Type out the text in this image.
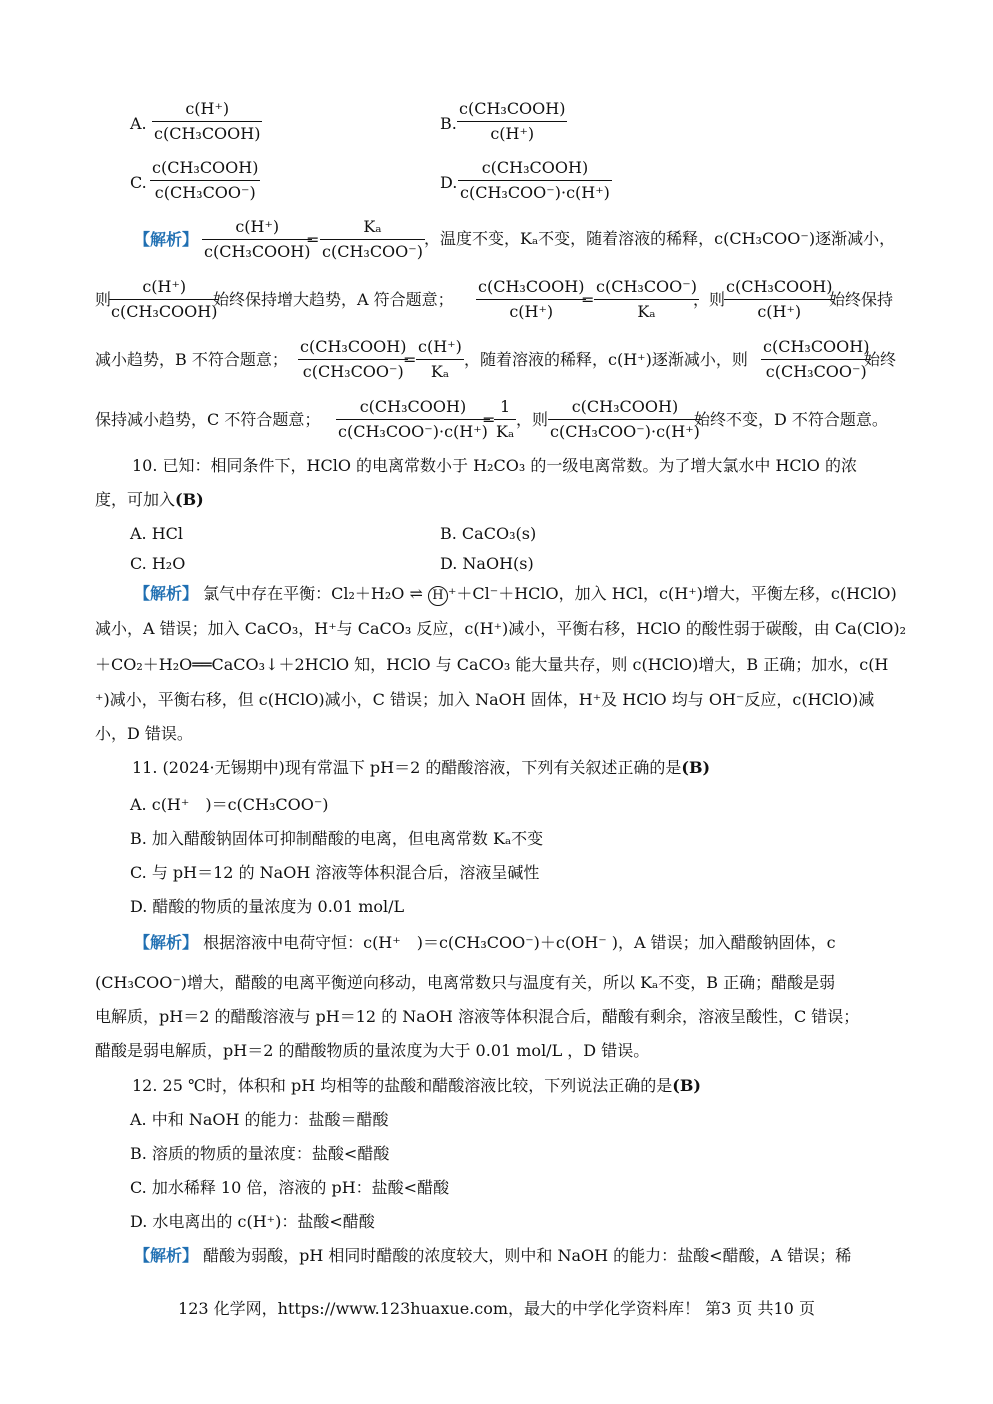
A.
c(H⁺)
c(CH₃COOH)
B.
c(CH₃COOH)
c(H⁺)
C.
c(CH₃COOH)
c(CH₃COO⁻)
D.
c(CH₃COOH)
c(CH₃COO⁻)·c(H⁺)
【解析】
c(H⁺)
c(CH₃COOH)
=
Kₐ
c(CH₃COO⁻)
，温度不变，Kₐ不变，随着溶液的稀释，c(CH₃COO⁻)逐渐减小，
则
c(H⁺)
c(CH₃COOH)
始终保持增大趋势，A 符合题意；
c(CH₃COOH)
c(H⁺)
=
c(CH₃COO⁻)
Kₐ
，则
c(CH₃COOH)
c(H⁺)
始终保持
减小趋势，B 不符合题意；
c(CH₃COOH)
c(CH₃COO⁻)
= $\frac{c(H^+)}{\text{Kₐ}}$ ，随着溶液的稀释，c(H⁺)逐渐减小，则
c(CH₃COOH)
c(CH₃COO⁻)
始终
保持减小趋势，C 不符合题意；
c(CH₃COOH)
c(CH₃COO⁻)·c(H⁺)
=
$\frac{1}{\text{Kₐ}}$ ，则
c(CH₃COOH)
c(CH₃COO⁻)·c(H⁺)
始终不变，D 不符合题意。
10. 已知：相同条件下，HClO 的电离常数小于 H₂CO₃ 的一级电离常数。为了增大氯水中 HClO 的浓
度，可加入(B)
A. HCl	B. CaCO₃(s)
C. H₂O	D. NaOH(s)
【解析】 氯气中存在平衡：Cl₂＋H₂O ⇌ H ⁺＋Cl⁻＋HClO，加入 HCl，c(H⁺)增大，平衡左移，c(HClO)
减小，A 错误；加入 CaCO₃，H⁺与 CaCO₃ 反应，c(H⁺)减小，平衡右移，HClO 的酸性弱于碳酸，由 Ca(ClO)₂
＋CO₂＋H₂O══CaCO₃↓＋2HClO 知，HClO 与 CaCO₃ 能大量共存，则 c(HClO)增大，B 正确；加水，c(H
⁺)减小，平衡右移，但 c(HClO)减小，C 错误；加入 NaOH 固体，H⁺及 HClO 均与 OH⁻反应，c(HClO)减
小，D 错误。
11. (2024·无锡期中)现有常温下 pH＝2 的醋酸溶液，下列有关叙述正确的是(B)
A. c(H⁺　)＝c(CH₃COO⁻)
B. 加入醋酸钠固体可抑制醋酸的电离，但电离常数 Kₐ不变
C. 与 pH＝12 的 NaOH 溶液等体积混合后，溶液呈碱性
D. 醋酸的物质的量浓度为 0.01 mol/L
【解析】 根据溶液中电荷守恒：c(H⁺　)＝c(CH₃COO⁻)＋c(OH⁻ )，A 错误；加入醋酸钠固体，c
(CH₃COO⁻)增大，醋酸的电离平衡逆向移动，电离常数只与温度有关，所以 Kₐ不变，B 正确；醋酸是弱
电解质，pH＝2 的醋酸溶液与 pH＝12 的 NaOH 溶液等体积混合后，醋酸有剩余，溶液呈酸性，C 错误；
醋酸是弱电解质，pH＝2 的醋酸物质的量浓度为大于 0.01 mol/L ，D 错误。
12. 25 ℃时，体积和 pH 均相等的盐酸和醋酸溶液比较，下列说法正确的是(B)
A. 中和 NaOH 的能力：盐酸＝醋酸
B. 溶质的物质的量浓度：盐酸<醋酸
C. 加水稀释 10 倍，溶液的 pH：盐酸<醋酸
D. 水电离出的 c(H⁺)：盐酸<醋酸
【解析】 醋酸为弱酸，pH 相同时醋酸的浓度较大，则中和 NaOH 的能力：盐酸<醋酸，A 错误；稀
123 化学网，https://www.123huaxue.com，最大的中学化学资料库！ 第3 页 共10 页
